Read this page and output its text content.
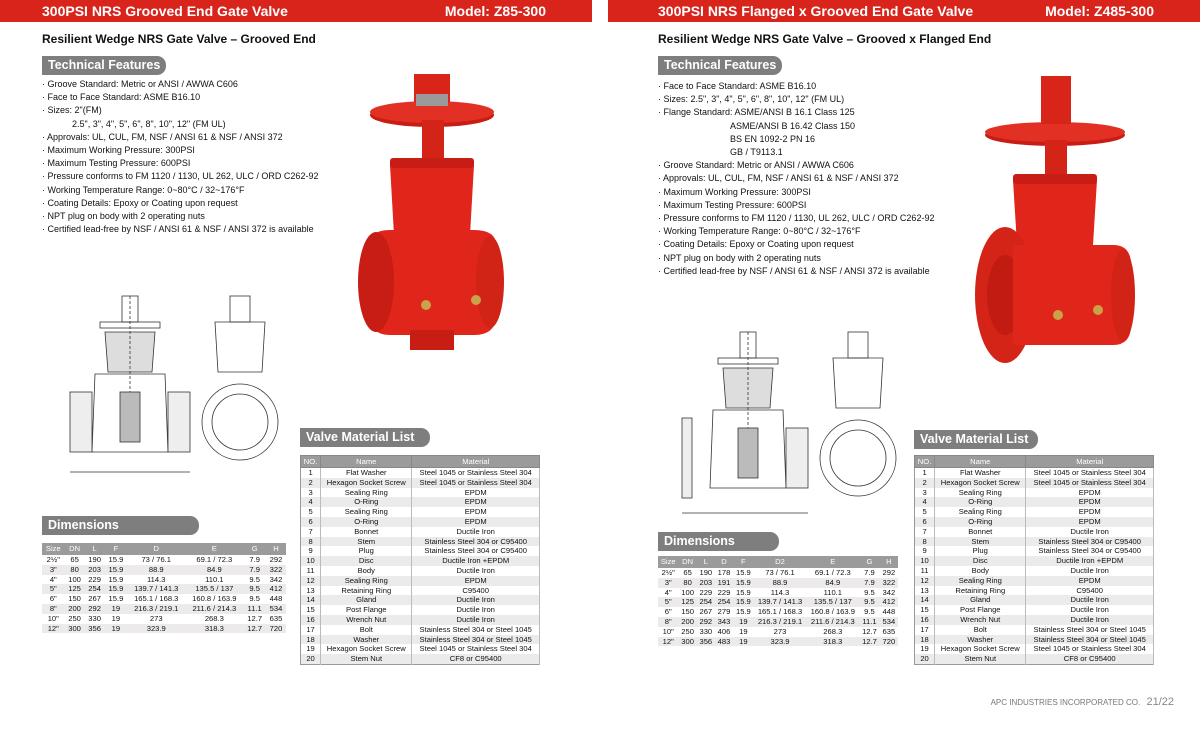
300PSI NRS Grooved End Gate Valve	Model: Z85-300
Resilient Wedge NRS Gate Valve – Grooved End
Technical Features
· Groove Standard: Metric or ANSI / AWWA C606
· Face to Face Standard: ASME B16.10
· Sizes: 2"(FM)
2.5", 3", 4", 5", 6", 8", 10", 12" (FM UL)
· Approvals: UL, CUL, FM, NSF / ANSI 61 & NSF / ANSI 372
· Maximum Working Pressure: 300PSI
· Maximum Testing Pressure: 600PSI
· Pressure conforms to FM 1120 / 1130, UL 262, ULC / ORD C262-92
· Working Temperature Range: 0~80°C / 32~176°F
· Coating Details: Epoxy or Coating upon request
· NPT plug on body with 2 operating nuts
· Certified lead-free by NSF / ANSI 61 & NSF / ANSI 372 is available
Dimensions
Size	DN	L	F	D	E	G	H
2½"	65	190	15.9	73 / 76.1	69.1 / 72.3	7.9	292
3"	80	203	15.9	88.9	84.9	7.9	322
4"	100	229	15.9	114.3	110.1	9.5	342
5"	125	254	15.9	139.7 / 141.3	135.5 / 137	9.5	412
6"	150	267	15.9	165.1 / 168.3	160.8 / 163.9	9.5	448
8"	200	292	19	216.3 / 219.1	211.6 / 214.3	11.1	534
10"	250	330	19	273	268.3	12.7	635
12"	300	356	19	323.9	318.3	12.7	720
Valve Material List
NO.	Name	Material
1	Flat Washer	Steel 1045 or Stainless Steel 304
2	Hexagon Socket Screw	Steel 1045 or Stainless Steel 304
3	Sealing Ring	EPDM
4	O-Ring	EPDM
5	Sealing Ring	EPDM
6	O-Ring	EPDM
7	Bonnet	Ductile Iron
8	Stem	Stainless Steel 304 or C95400
9	Plug	Stainless Steel 304 or C95400
10	Disc	Ductile Iron +EPDM
11	Body	Ductile Iron
12	Sealing Ring	EPDM
13	Retaining Ring	C95400
14	Gland	Ductile Iron
15	Post Flange	Ductile Iron
16	Wrench Nut	Ductile Iron
17	Bolt	Stainless Steel 304 or Steel 1045
18	Washer	Stainless Steel 304 or Steel 1045
19	Hexagon Socket Screw	Steel 1045 or Stainless Steel 304
20	Stem Nut	CF8 or C95400
300PSI NRS Flanged x Grooved End Gate Valve	Model: Z485-300
Resilient Wedge NRS Gate Valve – Grooved x Flanged End
Technical Features
· Face to Face Standard: ASME B16.10
· Sizes: 2.5", 3", 4", 5", 6", 8", 10", 12" (FM UL)
· Flange Standard: ASME/ANSI B 16.1 Class 125
ASME/ANSI B 16.42 Class 150
BS EN 1092-2 PN 16
GB / T9113.1
· Groove Standard: Metric or ANSI / AWWA C606
· Approvals: UL, CUL, FM, NSF / ANSI 61 & NSF / ANSI 372
· Maximum Working Pressure: 300PSI
· Maximum Testing Pressure: 600PSI
· Pressure conforms to FM 1120 / 1130, UL 262, ULC / ORD C262-92
· Working Temperature Range: 0~80°C / 32~176°F
· Coating Details: Epoxy or Coating upon request
· NPT plug on body with 2 operating nuts
· Certified lead-free by NSF / ANSI 61 & NSF / ANSI 372 is available
Dimensions
Size	DN	L	D	F	D2	E	G	H
2½"	65	190	178	15.9	73 / 76.1	69.1 / 72.3	7.9	292
3"	80	203	191	15.9	88.9	84.9	7.9	322
4"	100	229	229	15.9	114.3	110.1	9.5	342
5"	125	254	254	15.9	139.7 / 141.3	135.5 / 137	9.5	412
6"	150	267	279	15.9	165.1 / 168.3	160.8 / 163.9	9.5	448
8"	200	292	343	19	216.3 / 219.1	211.6 / 214.3	11.1	534
10"	250	330	406	19	273	268.3	12.7	635
12"	300	356	483	19	323.9	318.3	12.7	720
Valve Material List
NO.	Name	Material
1	Flat Washer	Steel 1045 or Stainless Steel 304
2	Hexagon Socket Screw	Steel 1045 or Stainless Steel 304
3	Sealing Ring	EPDM
4	O-Ring	EPDM
5	Sealing Ring	EPDM
6	O-Ring	EPDM
7	Bonnet	Ductile Iron
8	Stem	Stainless Steel 304 or C95400
9	Plug	Stainless Steel 304 or C95400
10	Disc	Ductile Iron +EPDM
11	Body	Ductile Iron
12	Sealing Ring	EPDM
13	Retaining Ring	C95400
14	Gland	Ductile Iron
15	Post Flange	Ductile Iron
16	Wrench Nut	Ductile Iron
17	Bolt	Stainless Steel 304 or Steel 1045
18	Washer	Stainless Steel 304 or Steel 1045
19	Hexagon Socket Screw	Steel 1045 or Stainless Steel 304
20	Stem Nut	CF8 or C95400
APC INDUSTRIES INCORPORATED CO. 21/22
